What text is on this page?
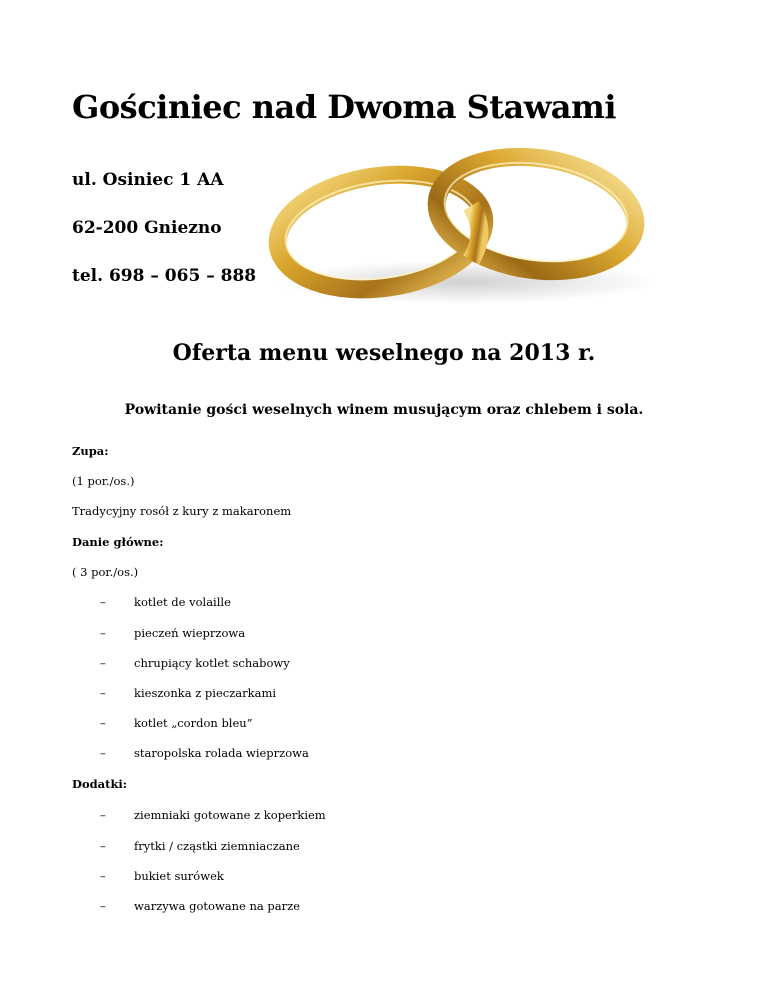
Gościniec nad Dwoma Stawami
ul. Osiniec 1 AA
62-200 Gniezno
tel. 698 – 065 – 888
Oferta menu weselnego na 2013 r.
Powitanie gości weselnych winem musującym oraz chlebem i sola.
Zupa:
(1 por./os.)
Tradycyjny rosół z kury z makaronem
Danie główne:
( 3 por./os.)
– kotlet de volaille
– pieczeń wieprzowa
– chrupiący kotlet schabowy
– kieszonka z pieczarkami
– kotlet „cordon bleu”
– staropolska rolada wieprzowa
Dodatki:
– ziemniaki gotowane z koperkiem
– frytki / cząstki ziemniaczane
– bukiet surówek
– warzywa gotowane na parze
